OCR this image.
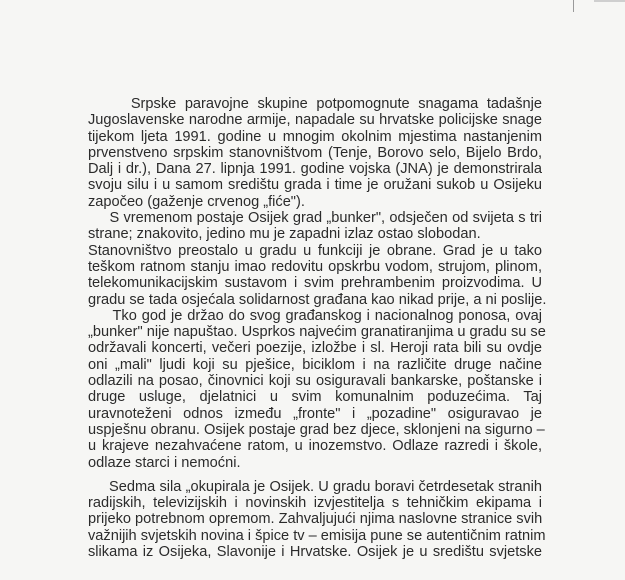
Srpske paravojne skupine potpomognute snagama tadašnje
Jugoslavenske narodne armije, napadale su hrvatske policijske snage
tijekom ljeta 1991. godine u mnogim okolnim mjestima nastanjenim
prvenstveno srpskim stanovništvom (Tenje, Borovo selo, Bijelo Brdo,
Dalj i dr.), Dana 27. lipnja 1991. godine vojska (JNA) je demonstrirala
svoju silu i u samom središtu grada i time je oružani sukob u Osijeku
započeo (gaženje crvenog „fiće").
S vremenom postaje Osijek grad „bunker", odsječen od svijeta s tri
strane; znakovito, jedino mu je zapadni izlaz ostao slobodan.
Stanovništvo preostalo u gradu u funkciji je obrane. Grad je u tako
teškom ratnom stanju imao redovitu opskrbu vodom, strujom, plinom,
telekomunikacijskim sustavom i svim prehrambenim proizvodima. U
gradu se tada osjećala solidarnost građana kao nikad prije, a ni poslije.
Tko god je držao do svog građanskog i nacionalnog ponosa, ovaj
„bunker" nije napuštao. Usprkos najvećim granatiranjima u gradu su se
održavali koncerti, večeri poezije, izložbe i sl. Heroji rata bili su ovdje
oni „mali" ljudi koji su pješice, biciklom i na različite druge načine
odlazili na posao, činovnici koji su osiguravali bankarske, poštanske i
druge usluge, djelatnici u svim komunalnim poduzećima. Taj
uravnoteženi odnos između „fronte" i „pozadine" osiguravao je
uspješnu obranu. Osijek postaje grad bez djece, sklonjeni na sigurno –
u krajeve nezahvaćene ratom, u inozemstvo. Odlaze razredi i škole,
odlaze starci i nemoćni.
Sedma sila „okupirala je Osijek. U gradu boravi četrdesetak stranih
radijskih, televizijskih i novinskih izvjestitelja s tehničkim ekipama i
prijeko potrebnom opremom. Zahvaljujući njima naslovne stranice svih
važnijih svjetskih novina i špice tv – emisija pune se autentičnim ratnim
slikama iz Osijeka, Slavonije i Hrvatske. Osijek je u središtu svjetske
